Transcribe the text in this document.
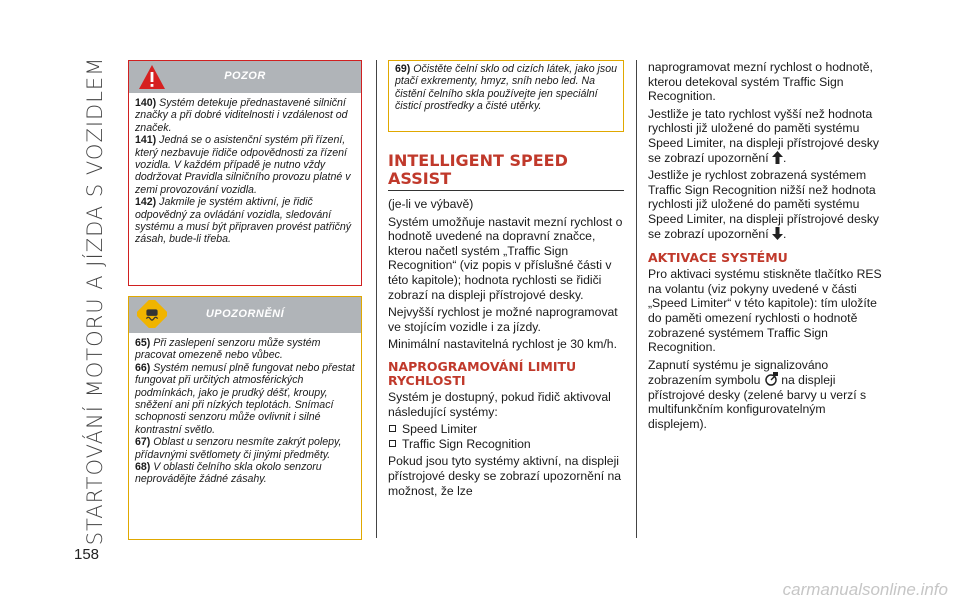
STARTOVÁNÍ MOTORU A JÍZDA S VOZIDLEM
158
POZOR

140) Systém detekuje přednastavené silniční značky a při dobré viditelnosti i vzdálenost od značek.

141) Jedná se o asistenční systém při řízení, který nezbavuje řidiče odpovědnosti za řízení vozidla. V každém případě je nutno vždy dodržovat Pravidla silničního provozu platné v zemi provozování vozidla.

142) Jakmile je systém aktivní, je řidič odpovědný za ovládání vozidla, sledování systému a musí být připraven provést patřičný zásah, bude-li třeba.

UPOZORNĚNÍ

65) Při zaslepení senzoru může systém pracovat omezeně nebo vůbec.

66) Systém nemusí plně fungovat nebo přestat fungovat při určitých atmosférických podmínkách, jako je prudký déšť, kroupy, sněžení ani při nízkých teplotách. Snímací schopnosti senzoru může ovlivnit i silné kontrastní světlo.

67) Oblast u senzoru nesmíte zakrýt polepy, přídavnými světlomety či jinými předměty.

68) V oblasti čelního skla okolo senzoru neprovádějte žádné zásahy.

69) Očistěte čelní sklo od cizích látek, jako jsou ptačí exkrementy, hmyz, sníh nebo led. Na čistění čelního skla používejte jen speciální čisticí prostředky a čisté utěrky.

INTELLIGENT SPEED ASSIST

(je-li ve výbavě)

Systém umožňuje nastavit mezní rychlost o hodnotě uvedené na dopravní značce, kterou načetl systém „Traffic Sign Recognition“ (viz popis v příslušné části v této kapitole); hodnota rychlosti se řidiči zobrazí na displeji přístrojové desky.

Nejvyšší rychlost je možné naprogramovat ve stojícím vozidle i za jízdy.

Minimální nastavitelná rychlost je 30 km/h.

NAPROGRAMOVÁNÍ LIMITU RYCHLOSTI

Systém je dostupný, pokud řidič aktivoval následující systémy:

Speed Limiter
Traffic Sign Recognition

Pokud jsou tyto systémy aktivní, na displeji přístrojové desky se zobrazí upozornění na možnost, že lze

naprogramovat mezní rychlost o hodnotě, kterou detekoval systém Traffic Sign Recognition.

Jestliže je tato rychlost vyšší než hodnota rychlosti již uložené do paměti systému Speed Limiter, na displeji přístrojové desky se zobrazí upozornění .

Jestliže je rychlost zobrazená systémem Traffic Sign Recognition nižší než hodnota rychlosti již uložené do paměti systému Speed Limiter, na displeji přístrojové desky se zobrazí upozornění .

AKTIVACE SYSTÉMU

Pro aktivaci systému stiskněte tlačítko RES na volantu (viz pokyny uvedené v části „Speed Limiter“ v této kapitole): tím uložíte do paměti omezení rychlosti o hodnotě zobrazené systémem Traffic Sign Recognition.

Zapnutí systému je signalizováno zobrazením symbolu na displeji přístrojové desky (zelené barvy u verzí s multifunkčním konfigurovatelným displejem).

carmanualsonline.info
